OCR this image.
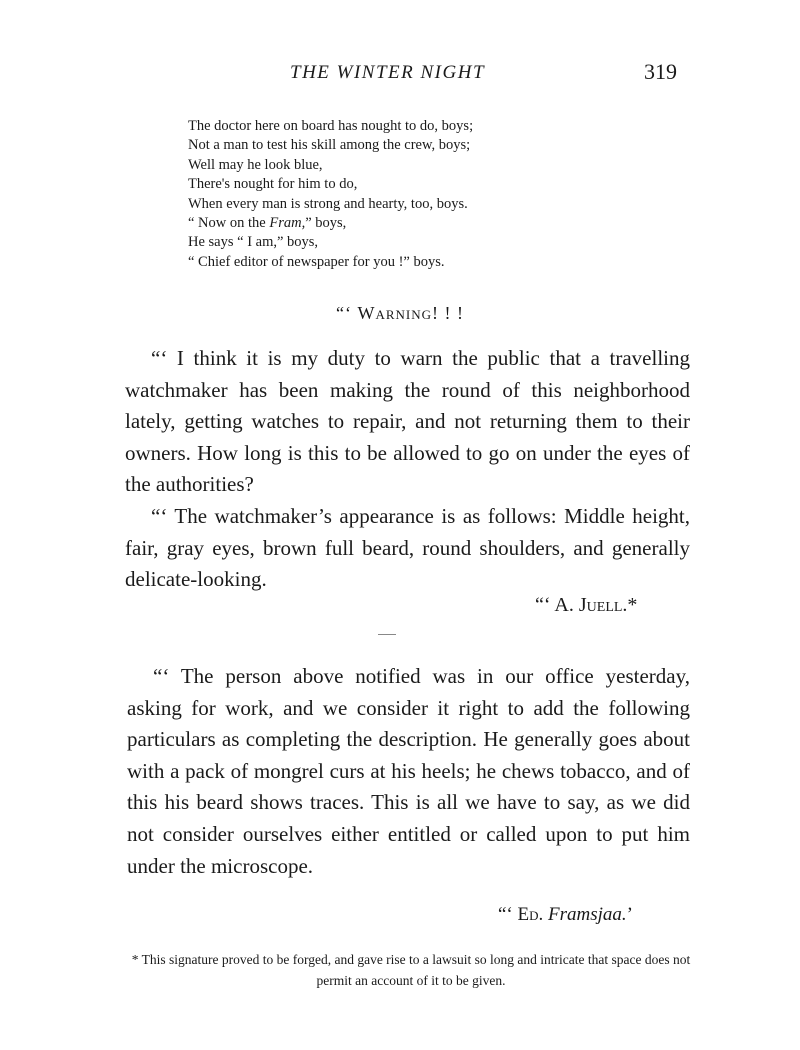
THE WINTER NIGHT	319
The doctor here on board has nought to do, boys;
Not a man to test his skill among the crew, boys;
Well may he look blue,
There's nought for him to do,
When every man is strong and hearty, too, boys.
“ Now on the Fram,” boys,
He says “ I am,” boys,
“ Chief editor of newspaper for you !” boys.
“‘ Warning! ! !

“‘ I think it is my duty to warn the public that a travelling watchmaker has been making the round of this neighborhood lately, getting watches to repair, and not returning them to their owners. How long is this to be allowed to go on under the eyes of the authorities?

“‘ The watchmaker’s appearance is as follows: Middle height, fair, gray eyes, brown full beard, round shoulders, and generally delicate-looking.

“‘ A. Juell.*

“‘ The person above notified was in our office yesterday, asking for work, and we consider it right to add the following particulars as completing the description. He generally goes about with a pack of mongrel curs at his heels; he chews tobacco, and of this his beard shows traces. This is all we have to say, as we did not consider ourselves either entitled or called upon to put him under the microscope.

“‘ Ed. Framsjaa.’
* This signature proved to be forged, and gave rise to a lawsuit so long and intricate that space does not permit an account of it to be given.
